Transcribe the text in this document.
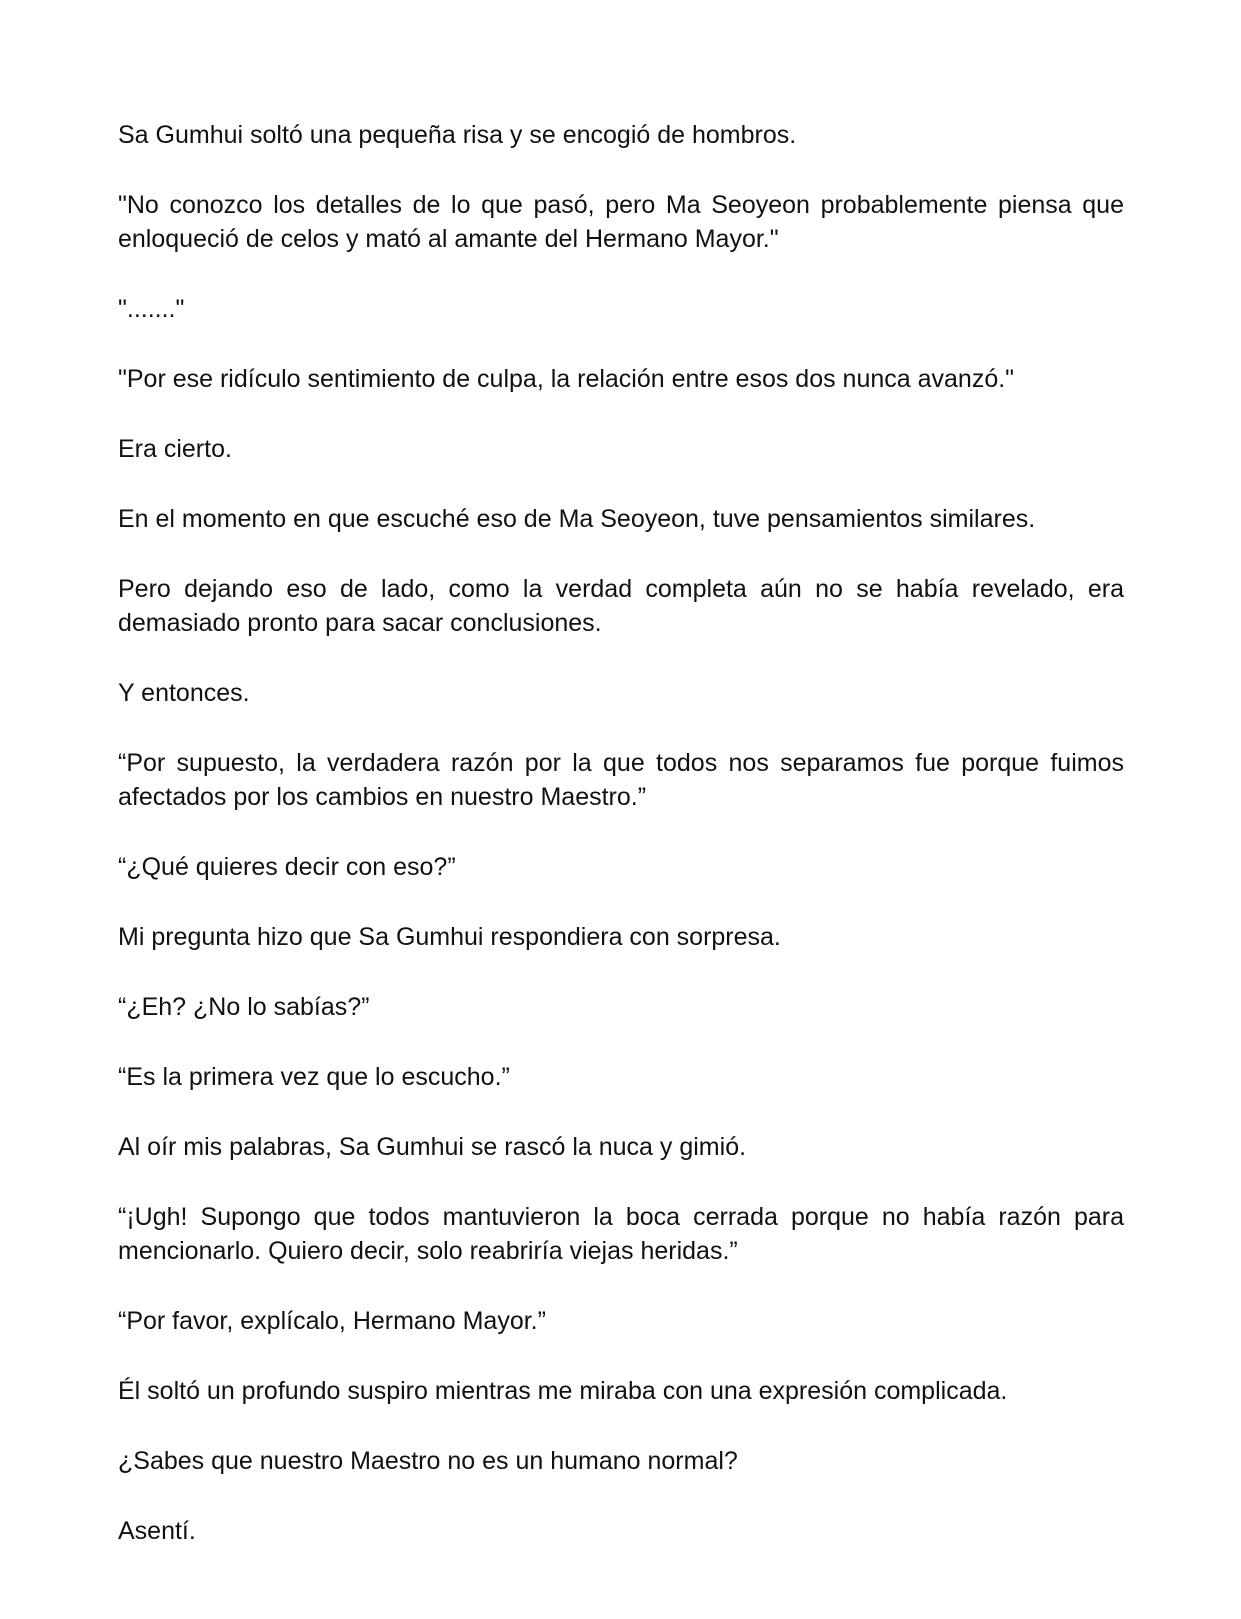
Sa Gumhui soltó una pequeña risa y se encogió de hombros.

"No conozco los detalles de lo que pasó, pero Ma Seoyeon probablemente piensa que enloqueció de celos y mató al amante del Hermano Mayor."

"......."

"Por ese ridículo sentimiento de culpa, la relación entre esos dos nunca avanzó."

Era cierto.

En el momento en que escuché eso de Ma Seoyeon, tuve pensamientos similares.

Pero dejando eso de lado, como la verdad completa aún no se había revelado, era demasiado pronto para sacar conclusiones.

Y entonces.

“Por supuesto, la verdadera razón por la que todos nos separamos fue porque fuimos afectados por los cambios en nuestro Maestro.”

“¿Qué quieres decir con eso?”

Mi pregunta hizo que Sa Gumhui respondiera con sorpresa.

“¿Eh? ¿No lo sabías?”

“Es la primera vez que lo escucho.”

Al oír mis palabras, Sa Gumhui se rascó la nuca y gimió.

“¡Ugh! Supongo que todos mantuvieron la boca cerrada porque no había razón para mencionarlo. Quiero decir, solo reabriría viejas heridas.”

“Por favor, explícalo, Hermano Mayor.”

Él soltó un profundo suspiro mientras me miraba con una expresión complicada.

¿Sabes que nuestro Maestro no es un humano normal?

Asentí.
